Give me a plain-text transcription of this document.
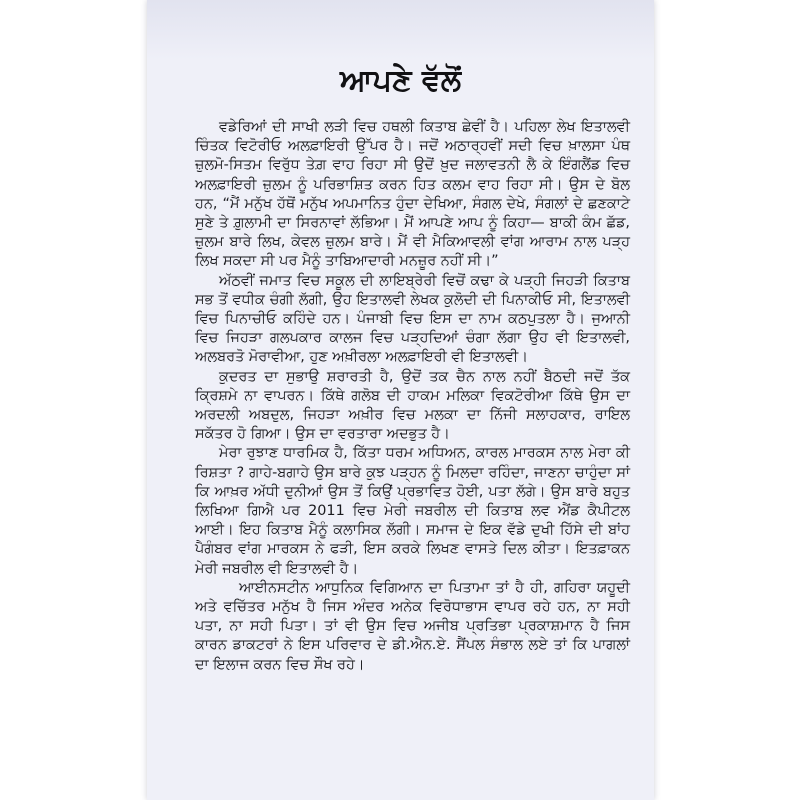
ਆਪਣੇ ਵੱਲੋਂ

ਵਡੇਰਿਆਂ ਦੀ ਸਾਖੀ ਲੜੀ ਵਿਚ ਹਥਲੀ ਕਿਤਾਬ ਛੇਵੀਂ ਹੈ। ਪਹਿਲਾ ਲੇਖ ਇਤਾਲਵੀ ਚਿੰਤਕ ਵਿਟੋਰੀਓ ਅਲਫ਼ਾਇਰੀ ਉੱਪਰ ਹੈ। ਜਦੋਂ ਅਠਾਰ੍ਹਵੀਂ ਸਦੀ ਵਿਚ ਖ਼ਾਲਸਾ ਪੰਥ ਜ਼ੁਲਮੋ-ਸਿਤਮ ਵਿਰੁੱਧ ਤੇਗ਼ ਵਾਹ ਰਿਹਾ ਸੀ ਉਦੋਂ ਖ਼ੁਦ ਜਲਾਵਤਨੀ ਲੈ ਕੇ ਇੰਗਲੈਂਡ ਵਿਚ ਅਲਫ਼ਾਇਰੀ ਜ਼ੁਲਮ ਨੂੰ ਪਰਿਭਾਸ਼ਿਤ ਕਰਨ ਹਿਤ ਕਲਮ ਵਾਹ ਰਿਹਾ ਸੀ। ਉਸ ਦੇ ਬੋਲ ਹਨ, “ਮੈਂ ਮਨੁੱਖ ਹੱਥੋਂ ਮਨੁੱਖ ਅਪਮਾਨਿਤ ਹੁੰਦਾ ਦੇਖਿਆ, ਸੰਗਲ ਦੇਖੇ, ਸੰਗਲਾਂ ਦੇ ਛਣਕਾਟੇ ਸੁਣੇ ਤੇ ਗ਼ੁਲਾਮੀ ਦਾ ਸਿਰਨਾਵਾਂ ਲੱਭਿਆ। ਮੈਂ ਆਪਣੇ ਆਪ ਨੂੰ ਕਿਹਾ— ਬਾਕੀ ਕੰਮ ਛੱਡ, ਜ਼ੁਲਮ ਬਾਰੇ ਲਿਖ, ਕੇਵਲ ਜ਼ੁਲਮ ਬਾਰੇ। ਮੈਂ ਵੀ ਮੈਕਿਆਵਲੀ ਵਾਂਗ ਆਰਾਮ ਨਾਲ ਪੜ੍ਹ ਲਿਖ ਸਕਦਾ ਸੀ ਪਰ ਮੈਨੂੰ ਤਾਬਿਆਦਾਰੀ ਮਨਜ਼ੂਰ ਨਹੀਂ ਸੀ।”

ਅੱਠਵੀਂ ਜਮਾਤ ਵਿਚ ਸਕੂਲ ਦੀ ਲਾਇਬ੍ਰੇਰੀ ਵਿਚੋਂ ਕਢਾ ਕੇ ਪੜ੍ਹੀ ਜਿਹੜੀ ਕਿਤਾਬ ਸਭ ਤੋਂ ਵਧੀਕ ਚੰਗੀ ਲੱਗੀ, ਉਹ ਇਤਾਲਵੀ ਲੇਖਕ ਕੁਲੋਦੀ ਦੀ ਪਿਨਾਕੀਓ ਸੀ, ਇਤਾਲਵੀ ਵਿਚ ਪਿਨਾਚੀਓ ਕਹਿੰਦੇ ਹਨ। ਪੰਜਾਬੀ ਵਿਚ ਇਸ ਦਾ ਨਾਮ ਕਠਪੁਤਲਾ ਹੈ। ਜੁਆਨੀ ਵਿਚ ਜਿਹੜਾ ਗਲਪਕਾਰ ਕਾਲਜ ਵਿਚ ਪੜ੍ਹਦਿਆਂ ਚੰਗਾ ਲੱਗਾ ਉਹ ਵੀ ਇਤਾਲਵੀ, ਅਲਬਰਤੋ ਮੋਰਾਵੀਆ, ਹੁਣ ਅਖ਼ੀਰਲਾ ਅਲਫ਼ਾਇਰੀ ਵੀ ਇਤਾਲਵੀ।

ਕੁਦਰਤ ਦਾ ਸੁਭਾਉ ਸ਼ਰਾਰਤੀ ਹੈ, ਉਦੋਂ ਤਕ ਚੈਨ ਨਾਲ ਨਹੀਂ ਬੈਠਦੀ ਜਦੋਂ ਤੱਕ ਕ੍ਰਿਸ਼ਮੇ ਨਾ ਵਾਪਰਨ। ਕਿੱਥੇ ਗਲੋਬ ਦੀ ਹਾਕਮ ਮਲਿਕਾ ਵਿਕਟੋਰੀਆ ਕਿੱਥੇ ਉਸ ਦਾ ਅਰਦਲੀ ਅਬਦੁਲ, ਜਿਹੜਾ ਅਖ਼ੀਰ ਵਿਚ ਮਲਕਾ ਦਾ ਨਿੱਜੀ ਸਲਾਹਕਾਰ, ਰਾਇਲ ਸਕੱਤਰ ਹੋ ਗਿਆ। ਉਸ ਦਾ ਵਰਤਾਰਾ ਅਦਭੁਤ ਹੈ।

ਮੇਰਾ ਰੁਝਾਣ ਧਾਰਮਿਕ ਹੈ, ਕਿੱਤਾ ਧਰਮ ਅਧਿਅਨ, ਕਾਰਲ ਮਾਰਕਸ ਨਾਲ ਮੇਰਾ ਕੀ ਰਿਸ਼ਤਾ ? ਗਾਹੇ-ਬਗਾਹੇ ਉਸ ਬਾਰੇ ਕੁਝ ਪੜ੍ਹਨ ਨੂੰ ਮਿਲਦਾ ਰਹਿੰਦਾ, ਜਾਣਨਾ ਚਾਹੁੰਦਾ ਸਾਂ ਕਿ ਆਖ਼ਰ ਅੱਧੀ ਦੁਨੀਆਂ ਉਸ ਤੋਂ ਕਿਉਂ ਪ੍ਰਭਾਵਿਤ ਹੋਈ, ਪਤਾ ਲੱਗੇ। ਉਸ ਬਾਰੇ ਬਹੁਤ ਲਿਖਿਆ ਗਿਐ ਪਰ 2011 ਵਿਚ ਮੇਰੀ ਜਬਰੀਲ ਦੀ ਕਿਤਾਬ ਲਵ ਐਂਡ ਕੈਪੀਟਲ ਆਈ। ਇਹ ਕਿਤਾਬ ਮੈਨੂੰ ਕਲਾਸਿਕ ਲੱਗੀ। ਸਮਾਜ ਦੇ ਇਕ ਵੱਡੇ ਦੁਖੀ ਹਿੱਸੇ ਦੀ ਬਾਂਹ ਪੈਗੰਬਰ ਵਾਂਗ ਮਾਰਕਸ ਨੇ ਫੜੀ, ਇਸ ਕਰਕੇ ਲਿਖਣ ਵਾਸਤੇ ਦਿਲ ਕੀਤਾ। ਇਤਫ਼ਾਕਨ ਮੇਰੀ ਜਬਰੀਲ ਵੀ ਇਤਾਲਵੀ ਹੈ।

ਆਈਨਸਟੀਨ ਆਧੁਨਿਕ ਵਿਗਿਆਨ ਦਾ ਪਿਤਾਮਾ ਤਾਂ ਹੈ ਹੀ, ਗਹਿਰਾ ਯਹੂਦੀ ਅਤੇ ਵਚਿੱਤਰ ਮਨੁੱਖ ਹੈ ਜਿਸ ਅੰਦਰ ਅਨੇਕ ਵਿਰੋਧਾਭਾਸ ਵਾਪਰ ਰਹੇ ਹਨ, ਨਾ ਸਹੀ ਪਤਾ, ਨਾ ਸਹੀ ਪਿਤਾ। ਤਾਂ ਵੀ ਉਸ ਵਿਚ ਅਜੀਬ ਪ੍ਰਤਿਭਾ ਪ੍ਰਕਾਸ਼ਮਾਨ ਹੈ ਜਿਸ ਕਾਰਨ ਡਾਕਟਰਾਂ ਨੇ ਇਸ ਪਰਿਵਾਰ ਦੇ ਡੀ.ਐਨ.ਏ. ਸੈਂਪਲ ਸੰਭਾਲ ਲਏ ਤਾਂ ਕਿ ਪਾਗਲਾਂ ਦਾ ਇਲਾਜ ਕਰਨ ਵਿਚ ਸੌਖ ਰਹੇ।
